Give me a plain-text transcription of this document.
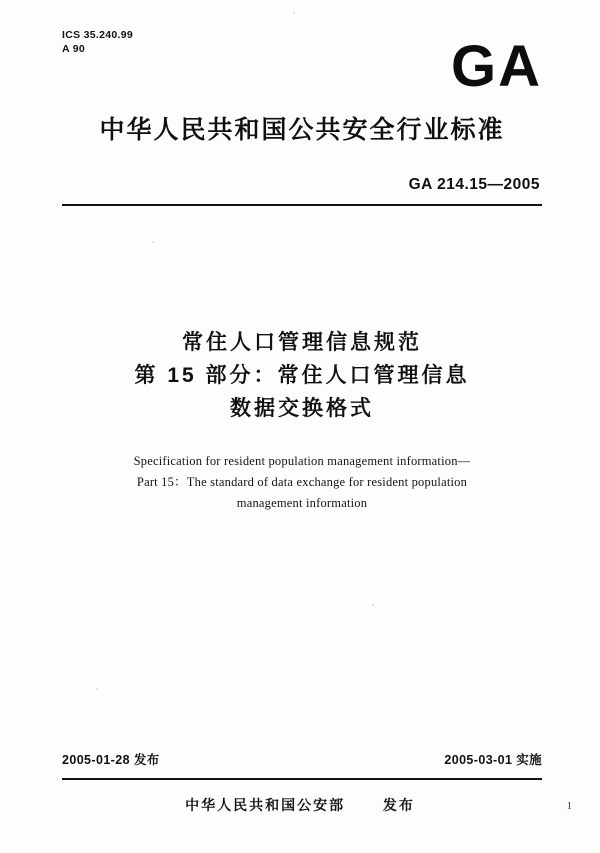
ICS 35.240.99
A 90	GA
中华人民共和国公共安全行业标准
GA 214.15—2005
常住人口管理信息规范
第 15 部分：常住人口管理信息
数据交换格式
Specification for resident population management information—
Part 15：The standard of data exchange for resident population
management information
2005-01-28 发布	2005-03-01 实施
中华人民共和国公安部	发布	1
